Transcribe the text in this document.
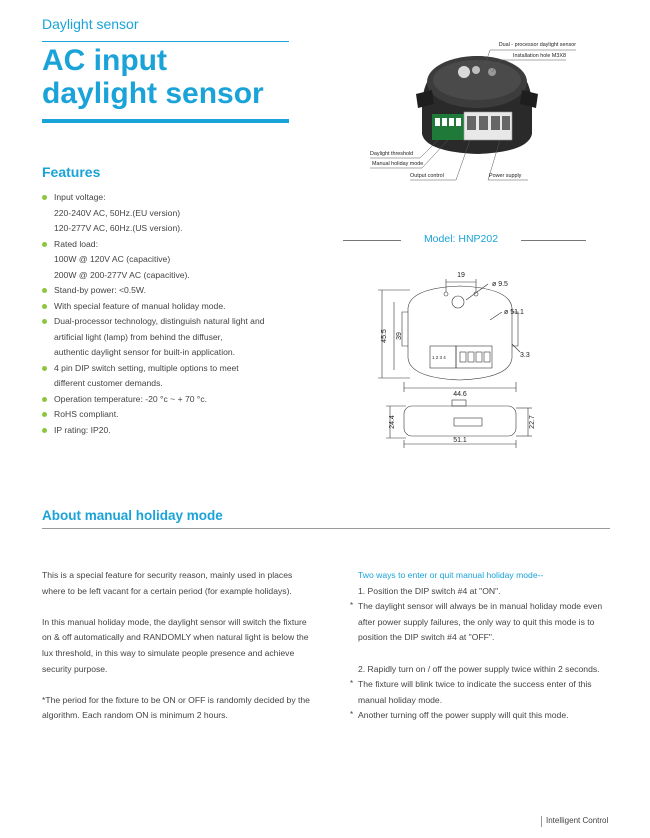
Daylight sensor
AC input
daylight sensor
Dual - processor daylight sensor
Installation hole M3X8
Daylight threshold
Manual holiday mode
Output control	Power supply
Features
Input voltage:
220-240V AC, 50Hz.(EU version)
120-277V AC, 60Hz.(US version).
Rated load:
100W @ 120V AC (capacitive)
200W @ 200-277V AC (capacitive).
Stand-by power: <0.5W.
With special feature of manual holiday mode.
Dual-processor technology, distinguish natural light and
artificial light (lamp) from behind the diffuser,
authentic daylight sensor for built-in application.
4 pin DIP switch setting, multiple options to meet
different customer demands.
Operation temperature: -20 °c ~ + 70 °c.
RoHS compliant.
IP rating: IP20.
Model: HNP202
19
ø 9.5
ø 51.1
3.3
44.6
1 2 3 4
45.5 39
24.4	22.7
51.1
About manual holiday mode

This is a special feature for security reason, mainly used in places where to be left vacant for a certain period (for example holidays).

In this manual holiday mode, the daylight sensor will switch the fixture on & off automatically and RANDOMLY when natural light is below the lux threshold, in this way to simulate people presence and achieve security purpose.

*The period for the fixture to be ON or OFF is randomly decided by the algorithm. Each random ON is minimum 2 hours.

Two ways to enter or quit manual holiday mode--
1. Position the DIP switch #4 at "ON".
* The daylight sensor will always be in manual holiday mode even after power supply failures, the only way to quit this mode is to position the DIP switch #4 at "OFF".
2. Rapidly turn on / off the power supply twice within 2 seconds.
* The fixture will blink twice to indicate the success enter of this manual holiday mode.
* Another turning off the power supply will quit this mode.
Intelligent Control
